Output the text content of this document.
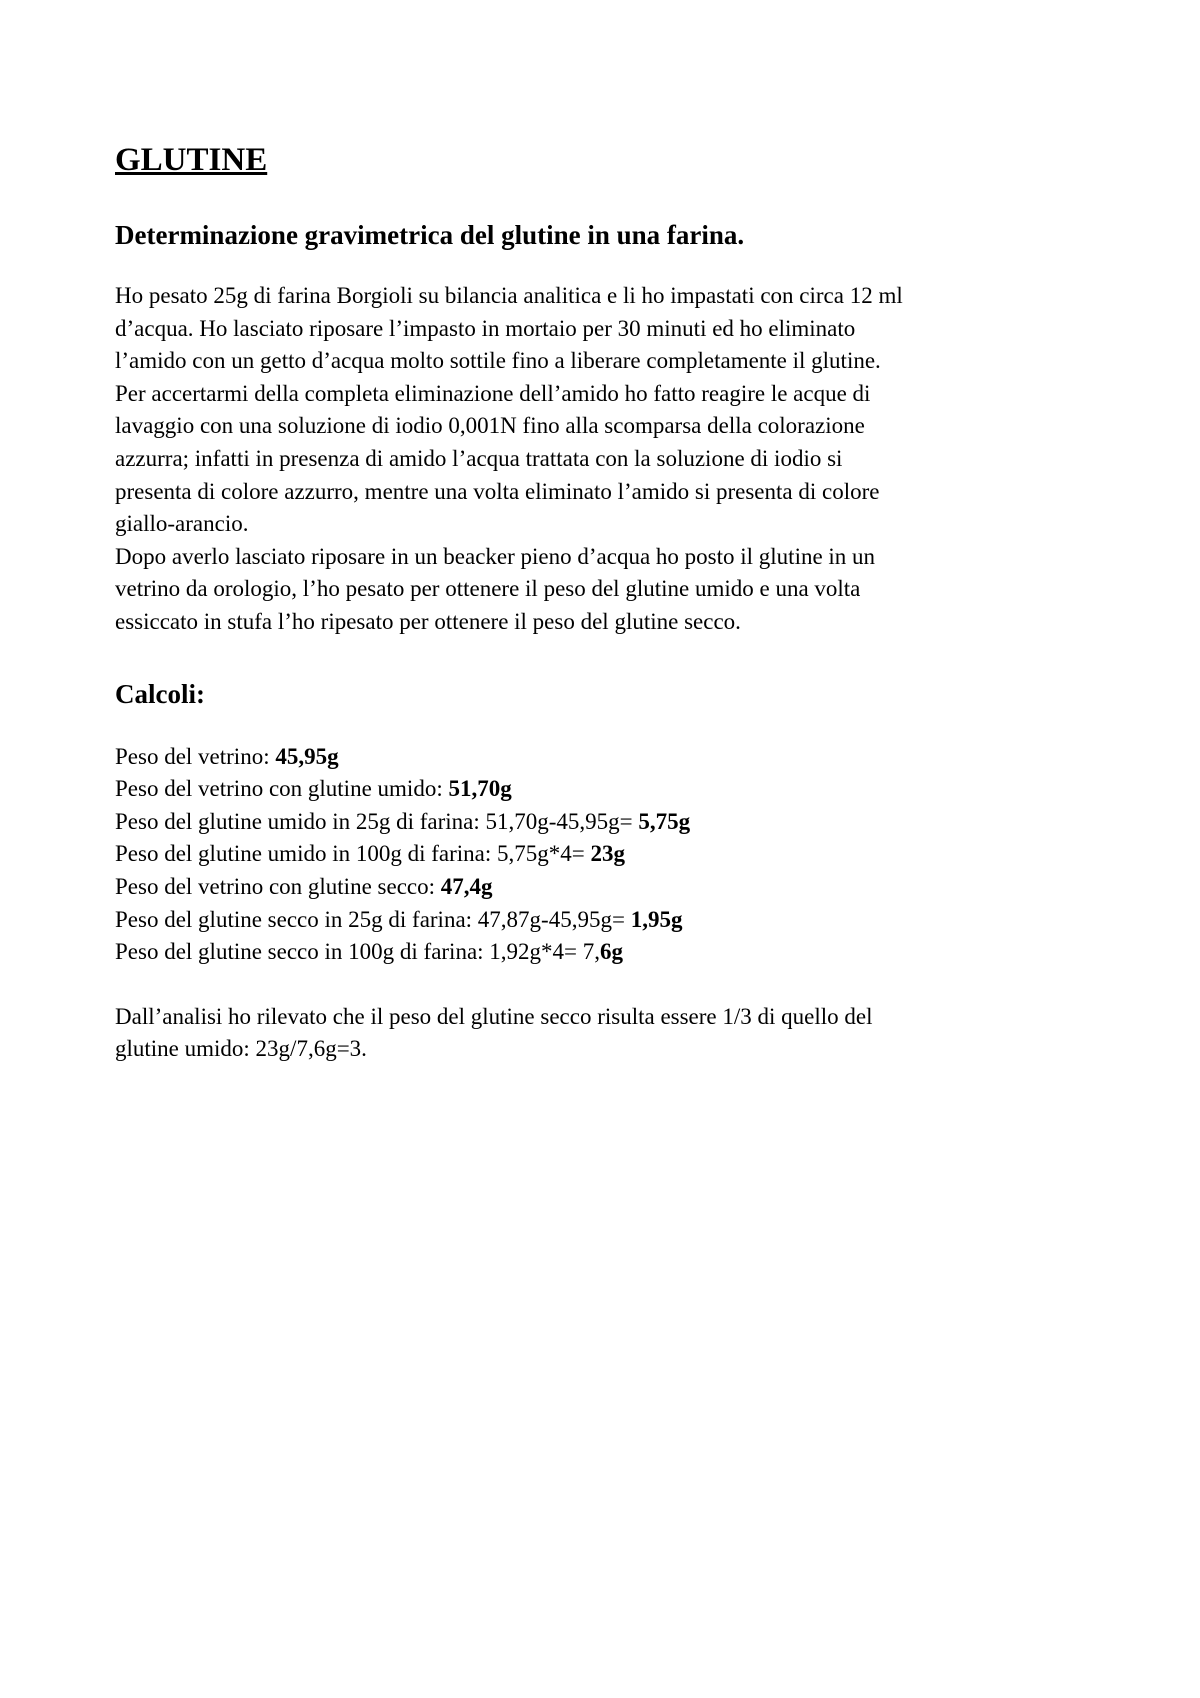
GLUTINE
Determinazione gravimetrica del glutine in una farina.
Ho pesato 25g di farina Borgioli su bilancia analitica e li ho impastati con circa 12 ml
d’acqua. Ho lasciato riposare l’impasto in mortaio per 30 minuti ed ho eliminato
l’amido con un getto d’acqua molto sottile fino a liberare completamente il glutine.
Per accertarmi della completa eliminazione dell’amido ho fatto reagire le acque di
lavaggio con una soluzione di iodio 0,001N fino alla scomparsa della colorazione
azzurra; infatti in presenza di amido l’acqua trattata con la soluzione di iodio si
presenta di colore azzurro, mentre una volta eliminato l’amido si presenta di colore
giallo-arancio.
Dopo averlo lasciato riposare in un beacker pieno d’acqua ho posto il glutine in un
vetrino da orologio, l’ho pesato per ottenere il peso del glutine umido e una volta
essiccato in stufa l’ho ripesato per ottenere il peso del glutine secco.
Calcoli:
Peso del vetrino: 45,95g
Peso del vetrino con glutine umido: 51,70g
Peso del glutine umido in 25g di farina: 51,70g-45,95g= 5,75g
Peso del glutine umido in 100g di farina: 5,75g*4= 23g
Peso del vetrino con glutine secco: 47,4g
Peso del glutine secco in 25g di farina: 47,87g-45,95g= 1,95g
Peso del glutine secco in 100g di farina: 1,92g*4= 7,6g
Dall’analisi ho rilevato che il peso del glutine secco risulta essere 1/3 di quello del
glutine umido: 23g/7,6g=3.
